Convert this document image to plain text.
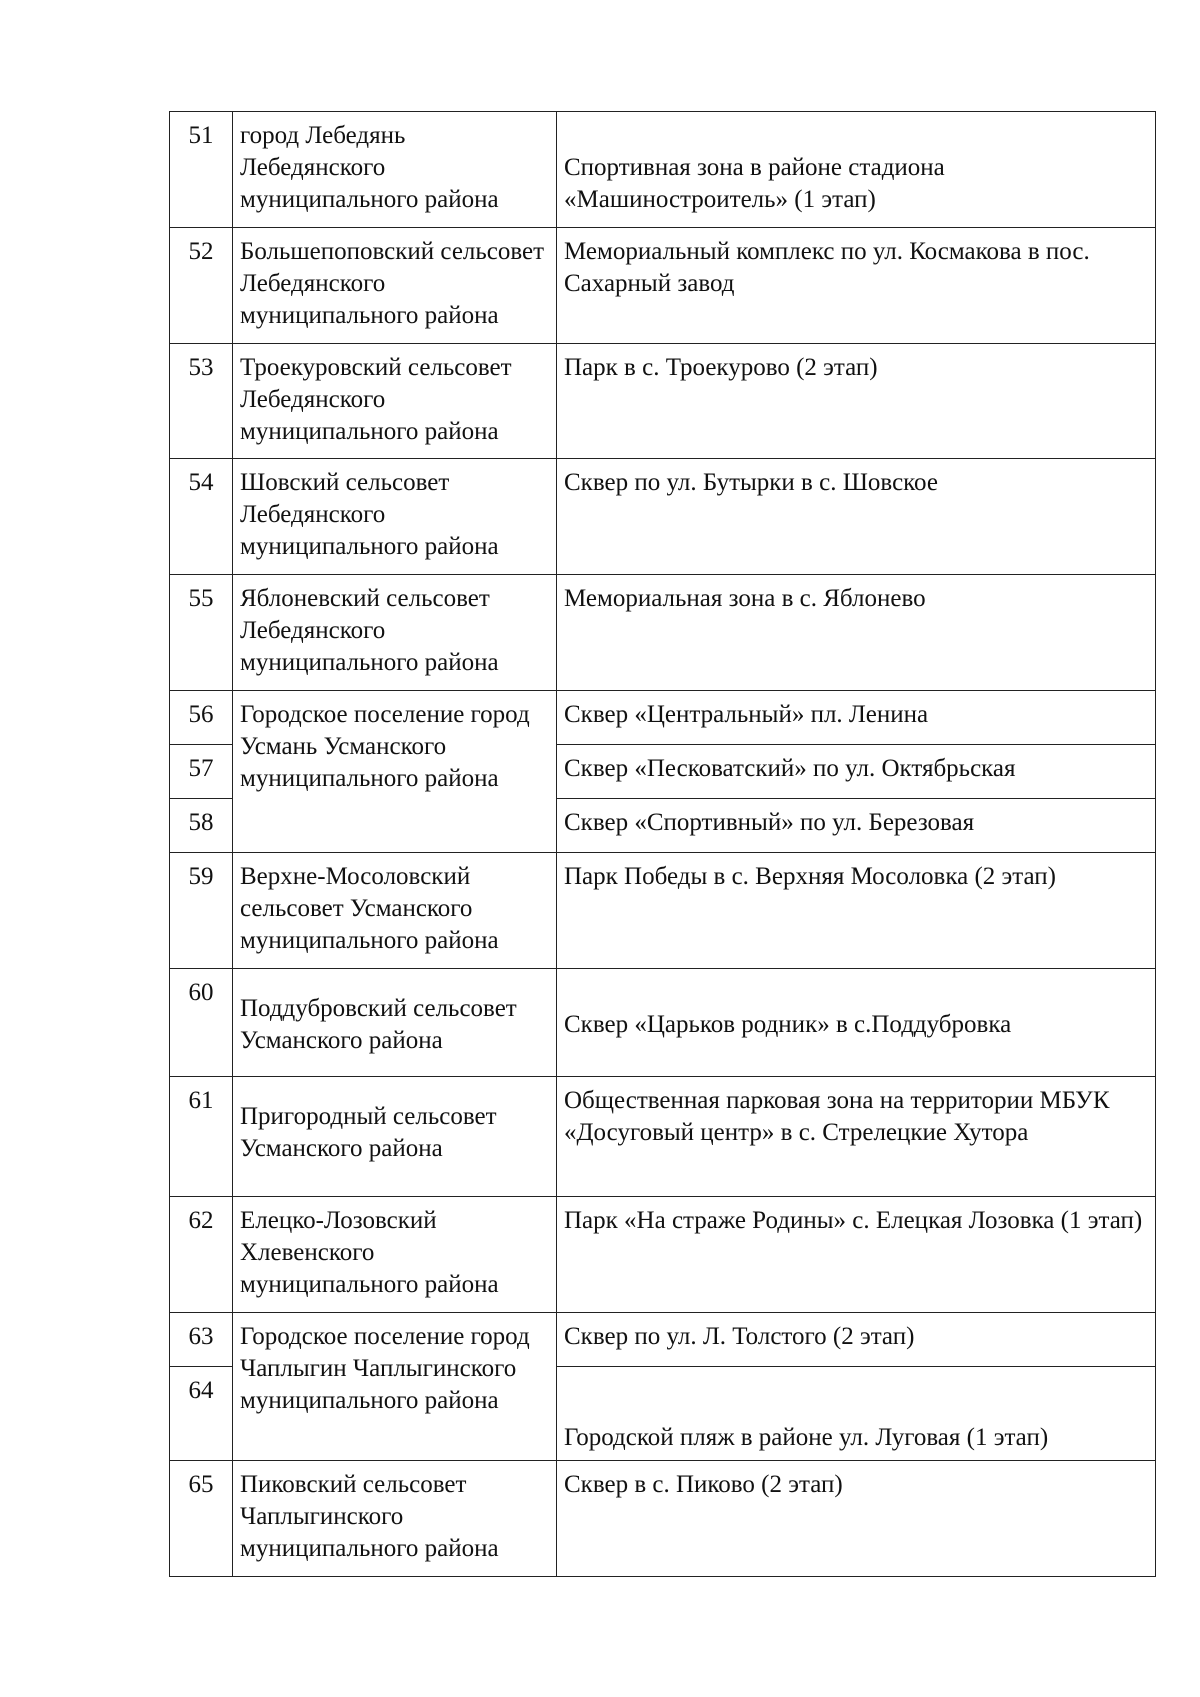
51	город Лебедянь Лебедянского муниципального района	Спортивная зона в районе стадиона «Машиностроитель» (1 этап)

52	Большепоповский сельсовет Лебедянского муниципального района	Мемориальный комплекс по ул. Космакова в пос. Сахарный завод
53	Троекуровский сельсовет Лебедянского муниципального района	Парк в с. Троекурово (2 этап)
54	Шовский сельсовет Лебедянского муниципального района	Сквер по ул. Бутырки в с. Шовское
55	Яблоневский сельсовет Лебедянского муниципального района	Мемориальная зона в с. Яблонево
56	Городское поселение город Усмань Усманского муниципального района	Сквер «Центральный» пл. Ленина
57		Сквер «Песковатский» по ул. Октябрьская
58		Сквер «Спортивный» по ул. Березовая
59	Верхне-Мосоловский сельсовет Усманского муниципального района	Парк Победы в с. Верхняя Мосоловка (2 этап)
60	Поддубровский сельсовет Усманского района	Сквер «Царьков родник» в с.Поддубровка

61	Пригородный сельсовет Усманского района	Общественная парковая зона на территории МБУК «Досуговый центр» в с. Стрелецкие Хутора
62	Елецко-Лозовский Хлевенского муниципального района	Парк «На страже Родины» с. Елецкая Лозовка (1 этап)
63	Городское поселение город Чаплыгин Чаплыгинского муниципального района	Сквер по ул. Л. Толстого (2 этап)
64		Городской пляж в районе ул. Луговая (1 этап)
65	Пиковский сельсовет Чаплыгинского муниципального района	Сквер в с. Пиково (2 этап)
